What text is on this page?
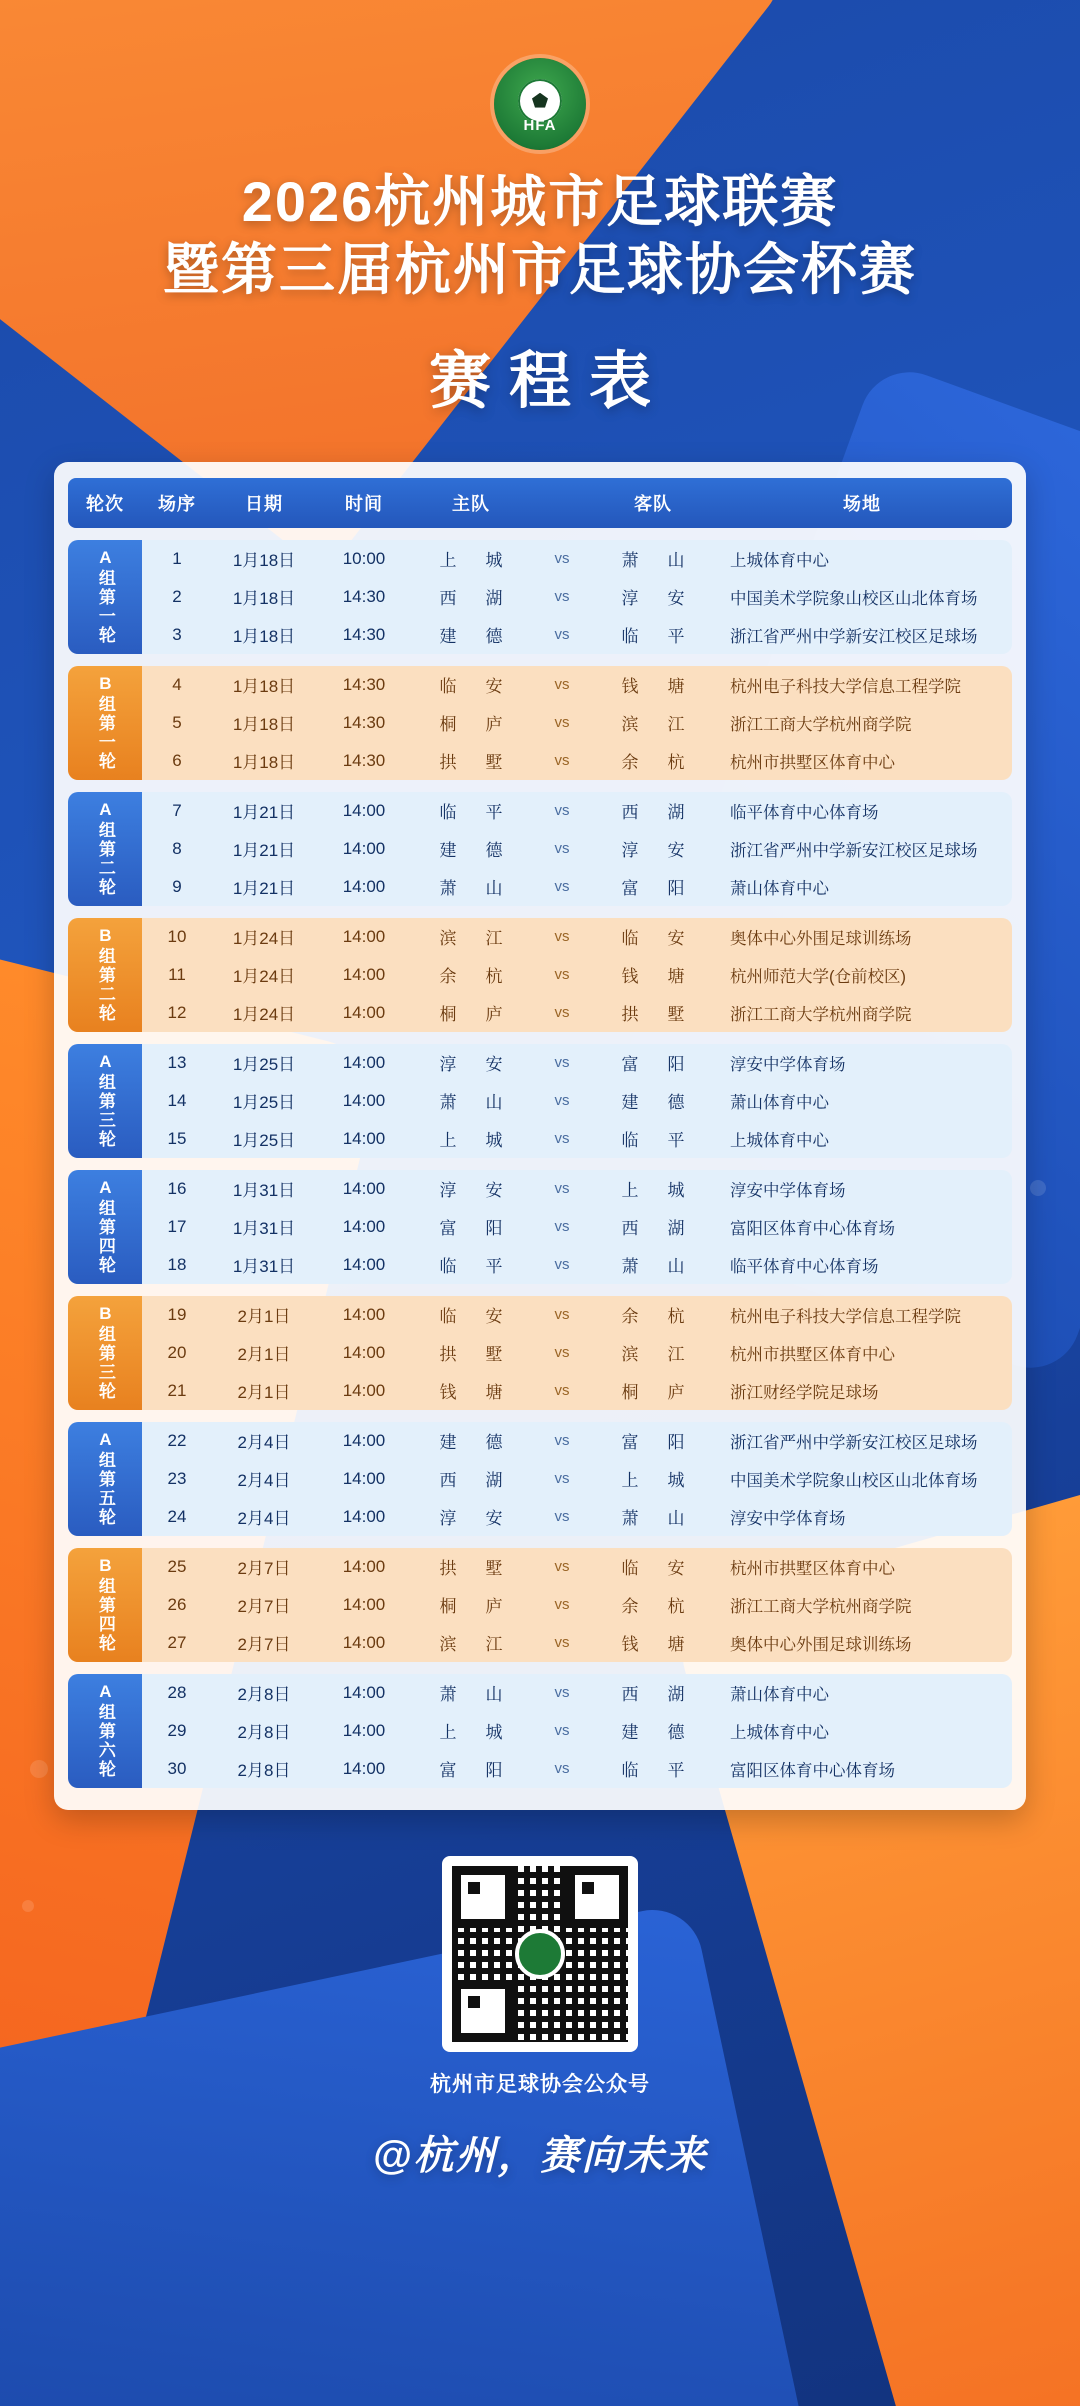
HFA
2026杭州城市足球联赛
暨第三届杭州市足球协会杯赛
赛程表
轮次	场序	日期	时间	主队	客队	场地
A组第一轮	1	1月18日	10:00	上　城	vs	萧　山	上城体育中心
2	1月18日	14:30	西　湖	vs	淳　安	中国美术学院象山校区山北体育场
3	1月18日	14:30	建　德	vs	临　平	浙江省严州中学新安江校区足球场
B组第一轮	4	1月18日	14:30	临　安	vs	钱　塘	杭州电子科技大学信息工程学院
5	1月18日	14:30	桐　庐	vs	滨　江	浙江工商大学杭州商学院
6	1月18日	14:30	拱　墅	vs	余　杭	杭州市拱墅区体育中心
A组第二轮	7	1月21日	14:00	临　平	vs	西　湖	临平体育中心体育场
8	1月21日	14:00	建　德	vs	淳　安	浙江省严州中学新安江校区足球场
9	1月21日	14:00	萧　山	vs	富　阳	萧山体育中心
B组第二轮	10	1月24日	14:00	滨　江	vs	临　安	奥体中心外围足球训练场
11	1月24日	14:00	余　杭	vs	钱　塘	杭州师范大学(仓前校区)
12	1月24日	14:00	桐　庐	vs	拱　墅	浙江工商大学杭州商学院
A组第三轮	13	1月25日	14:00	淳　安	vs	富　阳	淳安中学体育场
14	1月25日	14:00	萧　山	vs	建　德	萧山体育中心
15	1月25日	14:00	上　城	vs	临　平	上城体育中心
A组第四轮	16	1月31日	14:00	淳　安	vs	上　城	淳安中学体育场
17	1月31日	14:00	富　阳	vs	西　湖	富阳区体育中心体育场
18	1月31日	14:00	临　平	vs	萧　山	临平体育中心体育场
B组第三轮	19	2月1日	14:00	临　安	vs	余　杭	杭州电子科技大学信息工程学院
20	2月1日	14:00	拱　墅	vs	滨　江	杭州市拱墅区体育中心
21	2月1日	14:00	钱　塘	vs	桐　庐	浙江财经学院足球场
A组第五轮	22	2月4日	14:00	建　德	vs	富　阳	浙江省严州中学新安江校区足球场
23	2月4日	14:00	西　湖	vs	上　城	中国美术学院象山校区山北体育场
24	2月4日	14:00	淳　安	vs	萧　山	淳安中学体育场
B组第四轮	25	2月7日	14:00	拱　墅	vs	临　安	杭州市拱墅区体育中心
26	2月7日	14:00	桐　庐	vs	余　杭	浙江工商大学杭州商学院
27	2月7日	14:00	滨　江	vs	钱　塘	奥体中心外围足球训练场
A组第六轮	28	2月8日	14:00	萧　山	vs	西　湖	萧山体育中心
29	2月8日	14:00	上　城	vs	建　德	上城体育中心
30	2月8日	14:00	富　阳	vs	临　平	富阳区体育中心体育场
杭州市足球协会公众号
@杭州，赛向未来
